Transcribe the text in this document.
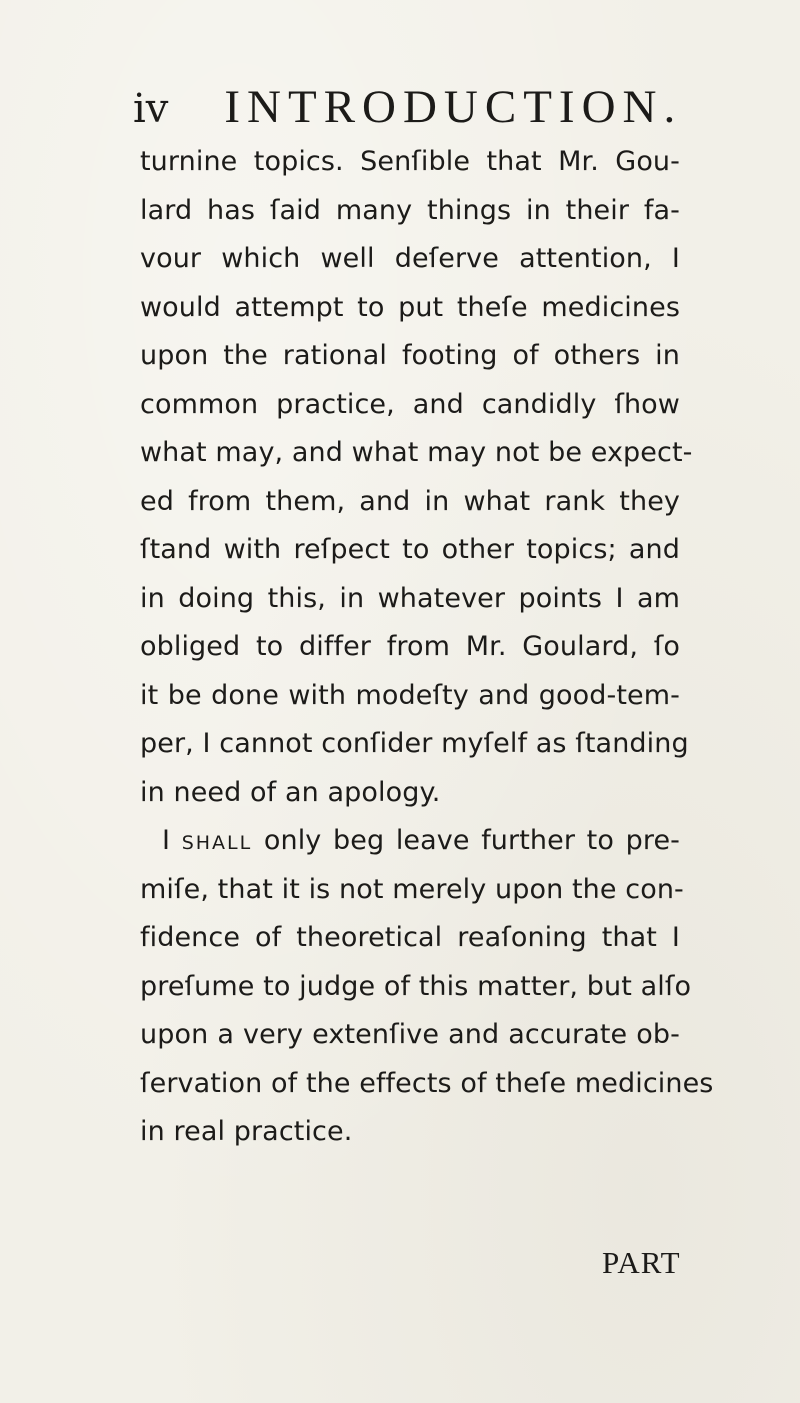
iv INTRODUCTION.
turnine topics. Senſible that Mr. Gou-
lard has ſaid many things in their fa-
vour which well deſerve attention, I
would attempt to put theſe medicines
upon the rational footing of others in
common practice, and candidly ſhow
what may, and what may not be expect-
ed from them, and in what rank they
ſtand with reſpect to other topics; and
in doing this, in whatever points I am
obliged to differ from Mr. Goulard, ſo
it be done with modeſty and good-tem-
per, I cannot conſider myſelf as ſtanding
in need of an apology.
I shall only beg leave further to pre-
miſe, that it is not merely upon the con-
fidence of theoretical reaſoning that I
preſume to judge of this matter, but alſo
upon a very extenſive and accurate ob-
ſervation of the effects of theſe medicines
in real practice.
PART
